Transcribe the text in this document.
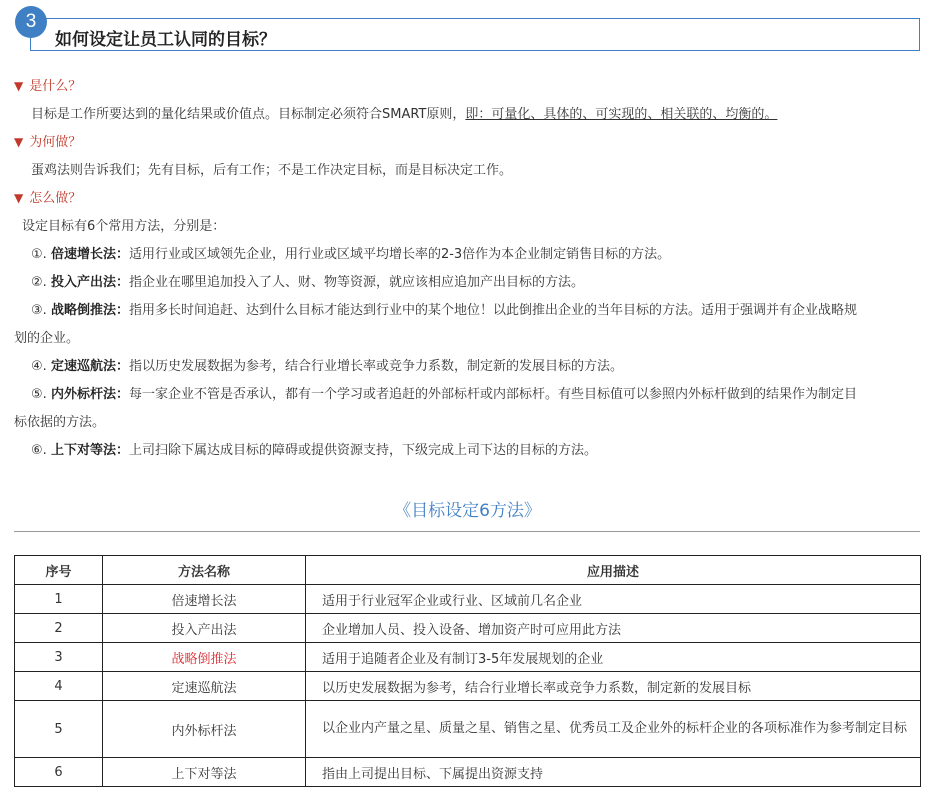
如何设定让员工认同的目标？
3
▼ 是什么？
目标是工作所要达到的量化结果或价值点。目标制定必须符合SMART原则，即：可量化、具体的、可实现的、相关联的、均衡的。
▼ 为何做？
蛋鸡法则告诉我们；先有目标，后有工作；不是工作决定目标，而是目标决定工作。
▼ 怎么做？
设定目标有6个常用方法，分别是：
①. 倍速增长法：适用行业或区域领先企业，用行业或区域平均增长率的2-3倍作为本企业制定销售目标的方法。
②. 投入产出法：指企业在哪里追加投入了人、财、物等资源，就应该相应追加产出目标的方法。
③. 战略倒推法：指用多长时间追赶、达到什么目标才能达到行业中的某个地位！以此倒推出企业的当年目标的方法。适用于强调并有企业战略规
划的企业。
④. 定速巡航法：指以历史发展数据为参考，结合行业增长率或竞争力系数，制定新的发展目标的方法。
⑤. 内外标杆法：每一家企业不管是否承认，都有一个学习或者追赶的外部标杆或内部标杆。有些目标值可以参照内外标杆做到的结果作为制定目
标依据的方法。
⑥. 上下对等法：上司扫除下属达成目标的障碍或提供资源支持，下级完成上司下达的目标的方法。
《目标设定6方法》
序号	方法名称	应用描述
1	倍速增长法	适用于行业冠军企业或行业、区域前几名企业
2	投入产出法	企业增加人员、投入设备、增加资产时可应用此方法
3	战略倒推法	适用于追随者企业及有制订3-5年发展规划的企业
4	定速巡航法	以历史发展数据为参考，结合行业增长率或竞争力系数，制定新的发展目标
5	内外标杆法	以企业内产量之星、质量之星、销售之星、优秀员工及企业外的标杆企业的各项标准作为参考制定目标
6	上下对等法	指由上司提出目标、下属提出资源支持
